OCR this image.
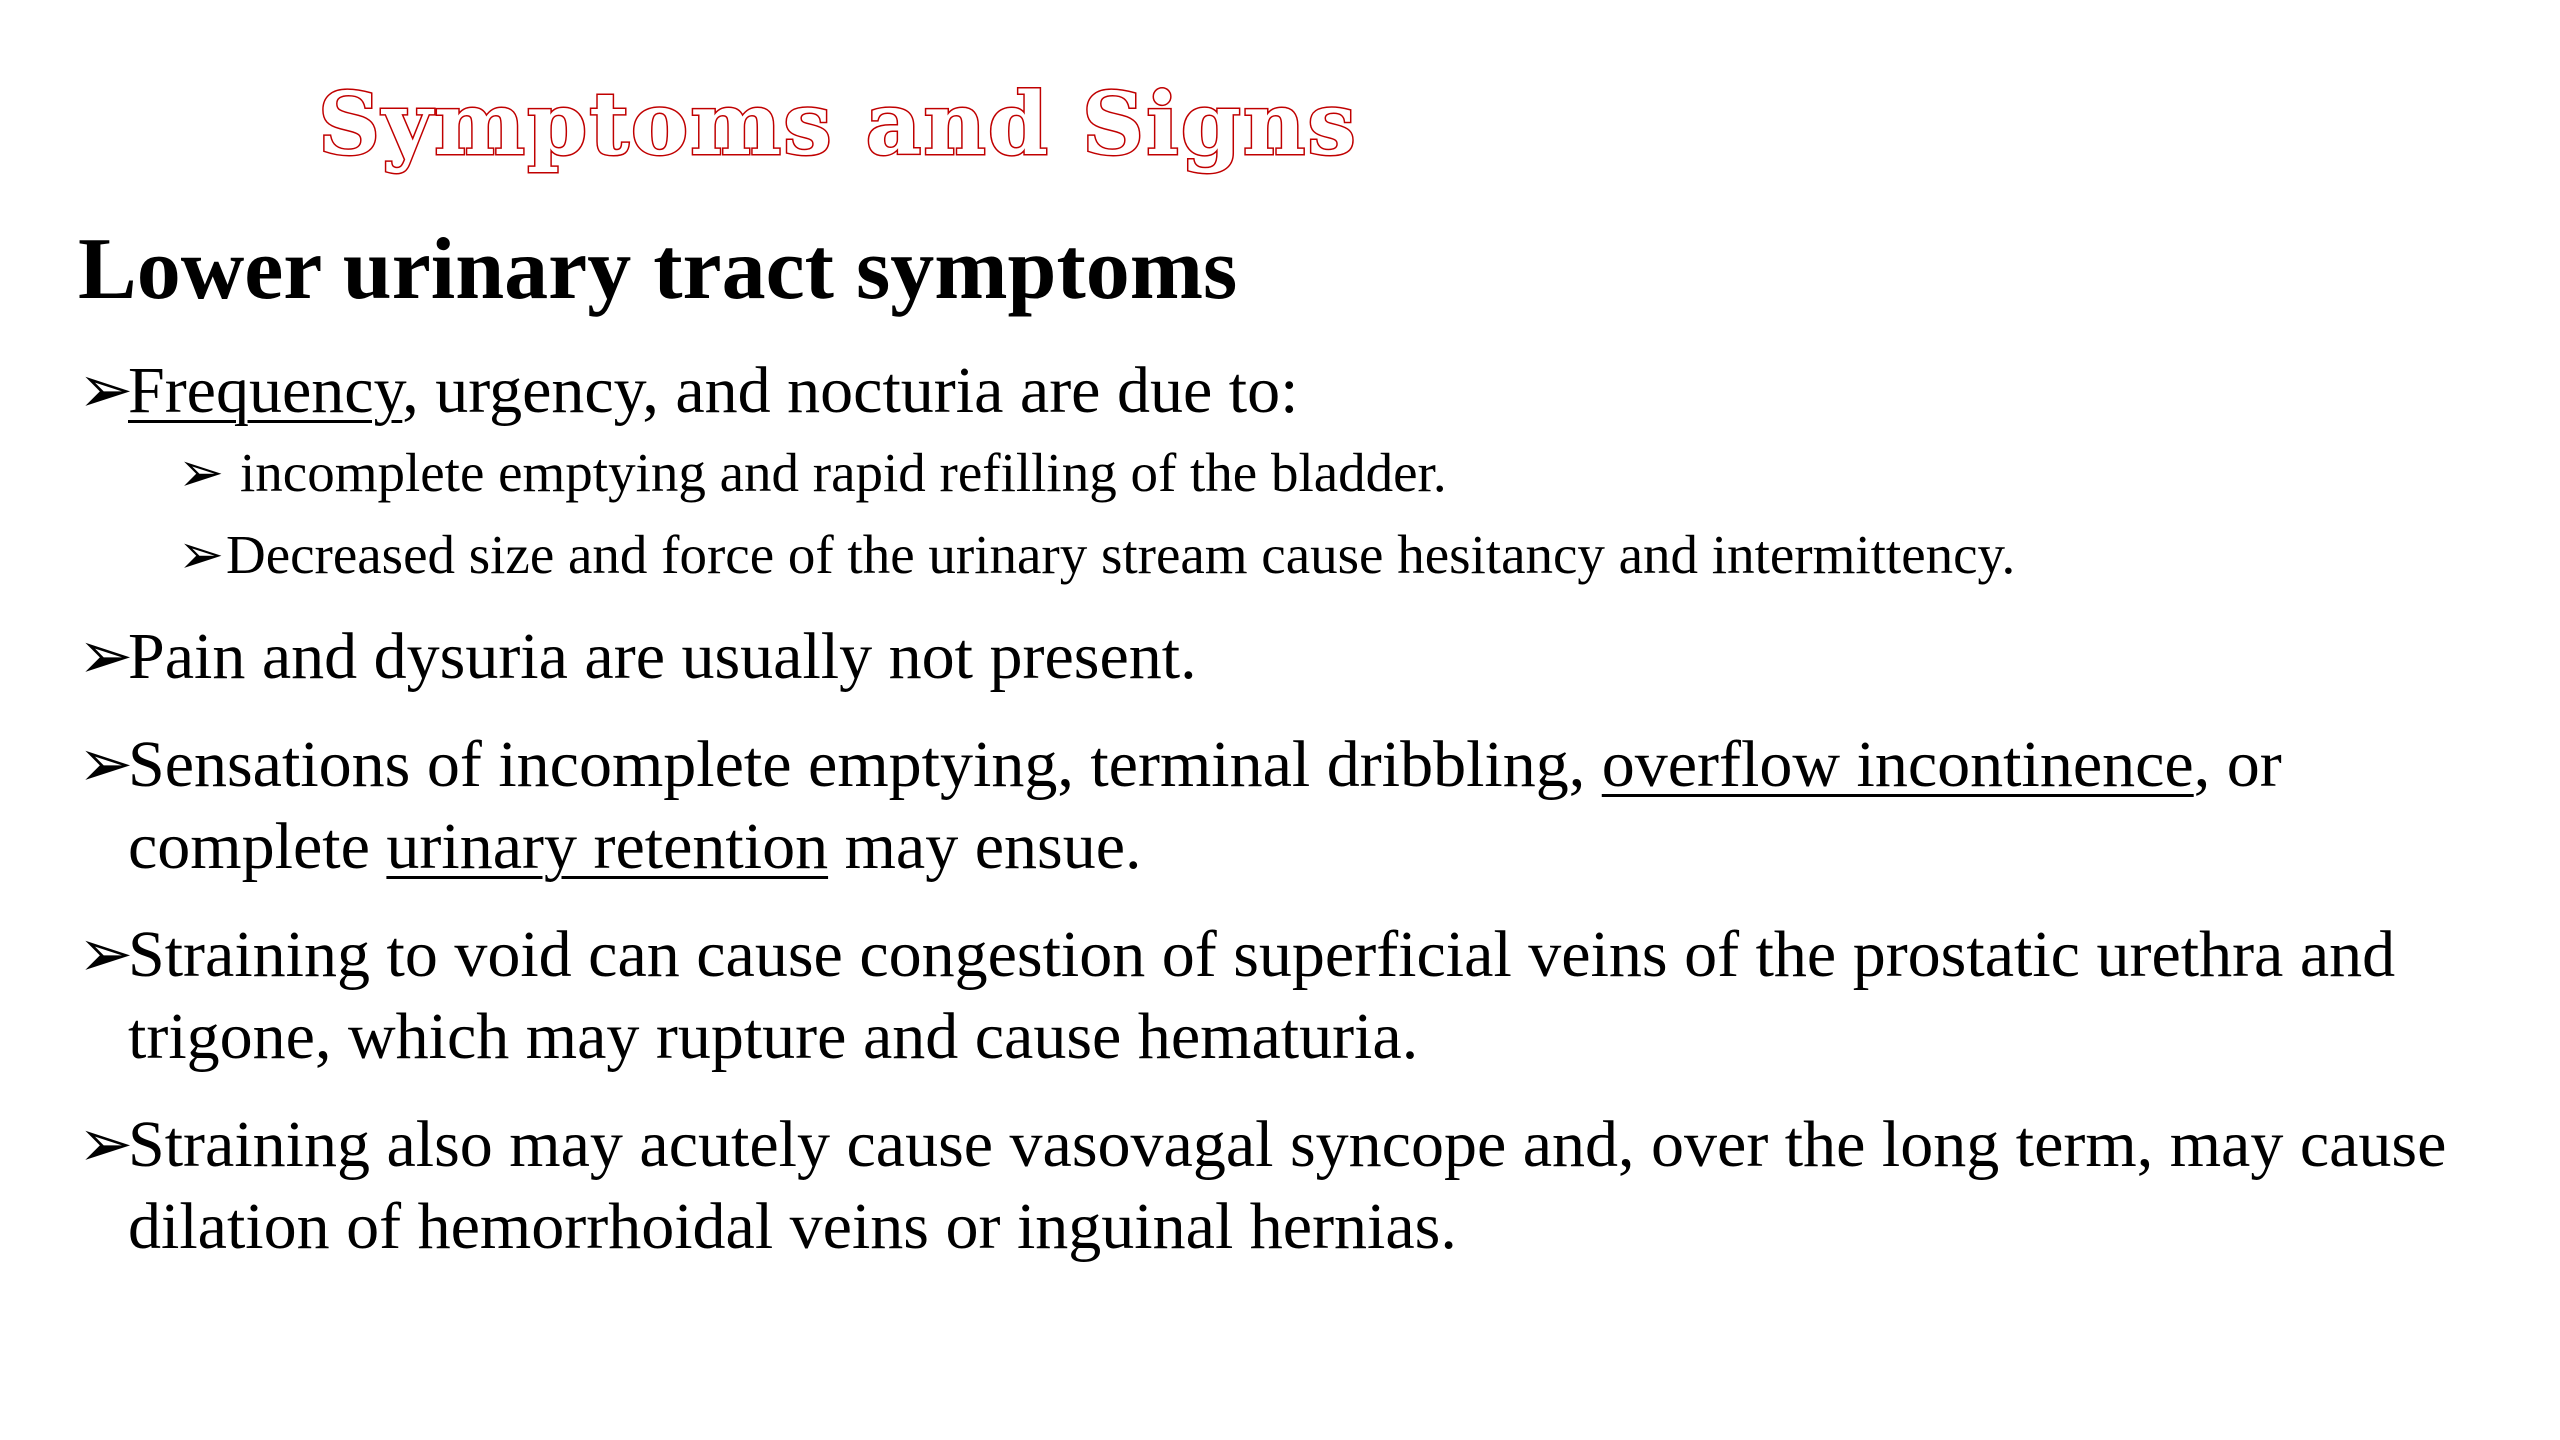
Symptoms and Signs
Lower urinary tract symptoms
➢
Frequency, urgency, and nocturia are due to:
➢ incomplete emptying and rapid refilling of the bladder.
➢ Decreased size and force of the urinary stream cause hesitancy and intermittency.
➢
Pain and dysuria are usually not present.
➢
Sensations of incomplete emptying, terminal dribbling, overflow incontinence, or complete urinary retention may ensue.
➢
Straining to void can cause congestion of superficial veins of the prostatic urethra and trigone, which may rupture and cause hematuria.
➢
Straining also may acutely cause vasovagal syncope and, over the long term, may cause dilation of hemorrhoidal veins or inguinal hernias.
